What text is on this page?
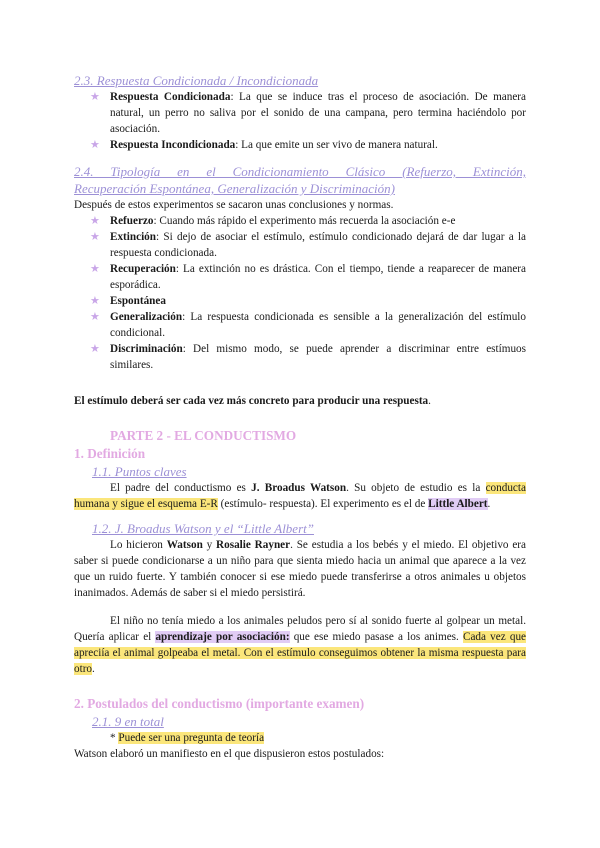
2.3. Respuesta Condicionada / Incondicionada
★ Respuesta Condicionada: La que se induce tras el proceso de asociación. De manera natural, un perro no saliva por el sonido de una campana, pero termina haciéndolo por asociación.
★ Respuesta Incondicionada: La que emite un ser vivo de manera natural.
2.4. Tipología en el Condicionamiento Clásico (Refuerzo, Extinción,
Recuperación Espontánea, Generalización y Discriminación)

Después de estos experimentos se sacaron unas conclusiones y normas.

★ Refuerzo: Cuando más rápido el experimento más recuerda la asociación e-e
★ Extinción: Si dejo de asociar el estímulo, estímulo condicionado dejará de dar lugar a la respuesta condicionada.
★ Recuperación: La extinción no es drástica. Con el tiempo, tiende a reaparecer de manera esporádica.
★ Espontánea
★ Generalización: La respuesta condicionada es sensible a la generalización del estímulo condicional.
★ Discriminación: Del mismo modo, se puede aprender a discriminar entre estímuos similares.

El estímulo deberá ser cada vez más concreto para producir una respuesta.

PARTE 2 - EL CONDUCTISMO
1. Definición
1.1. Puntos claves

El padre del conductismo es J. Broadus Watson. Su objeto de estudio es la conducta humana y sigue el esquema E-R (estímulo- respuesta). El experimento es el de Little Albert.

1.2. J. Broadus Watson y el “Little Albert”

Lo hicieron Watson y Rosalie Rayner. Se estudia a los bebés y el miedo. El objetivo era saber si puede condicionarse a un niño para que sienta miedo hacia un animal que aparece a la vez que un ruido fuerte. Y también conocer si ese miedo puede transferirse a otros animales u objetos inanimados. Además de saber si el miedo persistirá.

El niño no tenía miedo a los animales peludos pero sí al sonido fuerte al golpear un metal. Quería aplicar el aprendizaje por asociación: que ese miedo pasase a los animes. Cada vez que apreciía el animal golpeaba el metal. Con el estímulo conseguimos obtener la misma respuesta para otro.

2. Postulados del conductismo (importante examen)
2.1. 9 en total

* Puede ser una pregunta de teoría

Watson elaboró un manifiesto en el que dispusieron estos postulados:
